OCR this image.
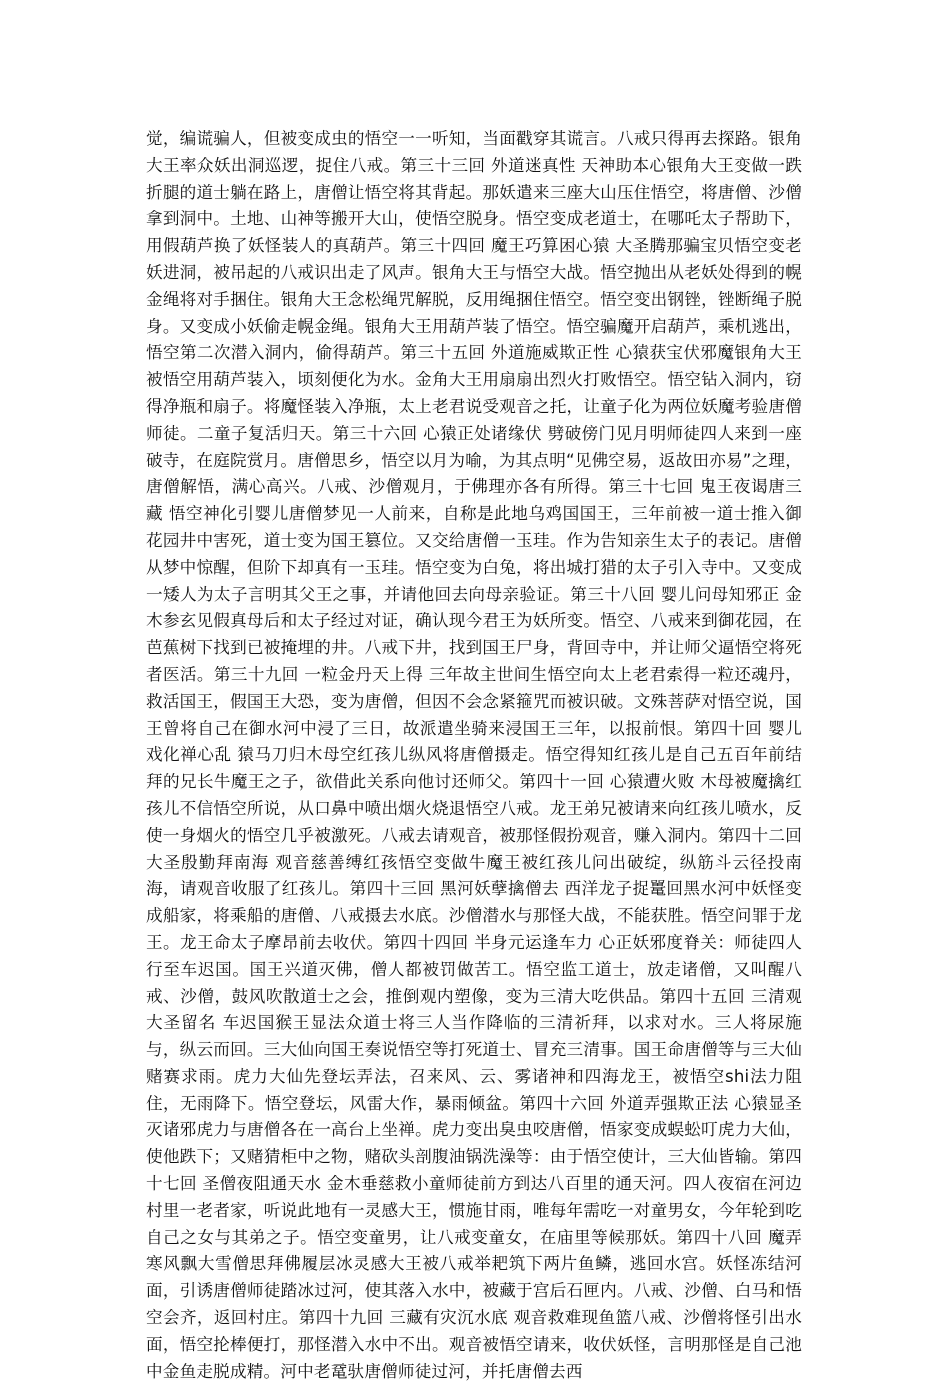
觉，编谎骗人，但被变成虫的悟空一一听知，当面戳穿其谎言。八戒只得再去探路。银角大王率众妖出洞巡逻，捉住八戒。第三十三回 外道迷真性 天神助本心银角大王变做一跌折腿的道士躺在路上，唐僧让悟空将其背起。那妖遣来三座大山压住悟空，将唐僧、沙僧拿到洞中。土地、山神等搬开大山，使悟空脱身。悟空变成老道士，在哪吒太子帮助下，用假葫芦换了妖怪装人的真葫芦。第三十四回 魔王巧算困心猿 大圣腾那骗宝贝悟空变老妖进洞，被吊起的八戒识出走了风声。银角大王与悟空大战。悟空抛出从老妖处得到的幌金绳将对手捆住。银角大王念松绳咒解脱，反用绳捆住悟空。悟空变出钢锉，锉断绳子脱身。又变成小妖偷走幌金绳。银角大王用葫芦装了悟空。悟空骗魔开启葫芦，乘机逃出，悟空第二次潜入洞内，偷得葫芦。第三十五回 外道施威欺正性 心猿获宝伏邪魔银角大王被悟空用葫芦装入，顷刻便化为水。金角大王用扇扇出烈火打败悟空。悟空钻入洞内，窃得净瓶和扇子。将魔怪装入净瓶，太上老君说受观音之托，让童子化为两位妖魔考验唐僧师徒。二童子复活归天。第三十六回 心猿正处诸缘伏 劈破傍门见月明师徒四人来到一座破寺，在庭院赏月。唐僧思乡，悟空以月为喻，为其点明“见佛空易，返故田亦易”之理，唐僧解悟，满心高兴。八戒、沙僧观月，于佛理亦各有所得。第三十七回 鬼王夜谒唐三藏 悟空神化引婴儿唐僧梦见一人前来，自称是此地乌鸡国国王，三年前被一道士推入御花园井中害死，道士变为国王篡位。又交给唐僧一玉珪。作为告知亲生太子的表记。唐僧从梦中惊醒，但阶下却真有一玉珪。悟空变为白兔，将出城打猎的太子引入寺中。又变成一矮人为太子言明其父王之事，并请他回去向母亲验证。第三十八回 婴儿问母知邪正 金木参玄见假真母后和太子经过对证，确认现今君王为妖所变。悟空、八戒来到御花园，在芭蕉树下找到已被掩埋的井。八戒下井，找到国王尸身，背回寺中，并让师父逼悟空将死者医活。第三十九回 一粒金丹天上得 三年故主世间生悟空向太上老君索得一粒还魂丹，救活国王，假国王大恐，变为唐僧，但因不会念紧箍咒而被识破。文殊菩萨对悟空说，国王曾将自己在御水河中浸了三日，故派遣坐骑来浸国王三年，以报前恨。第四十回 婴儿戏化禅心乱 猿马刀归木母空红孩儿纵风将唐僧摄走。悟空得知红孩儿是自己五百年前结拜的兄长牛魔王之子，欲借此关系向他讨还师父。第四十一回 心猿遭火败 木母被魔擒红孩儿不信悟空所说，从口鼻中喷出烟火烧退悟空八戒。龙王弟兄被请来向红孩儿喷水，反使一身烟火的悟空几乎被激死。八戒去请观音，被那怪假扮观音，赚入洞内。第四十二回 大圣殷勤拜南海 观音慈善缚红孩悟空变做牛魔王被红孩儿问出破绽，纵筋斗云径投南海，请观音收服了红孩儿。第四十三回 黑河妖孽擒僧去 西洋龙子捉鼍回黑水河中妖怪变成船家，将乘船的唐僧、八戒摄去水底。沙僧潜水与那怪大战，不能获胜。悟空问罪于龙王。龙王命太子摩昂前去收伏。第四十四回 半身元运逢车力 心正妖邪度脊关：师徒四人行至车迟国。国王兴道灭佛，僧人都被罚做苦工。悟空监工道士，放走诸僧，又叫醒八戒、沙僧，鼓风吹散道士之会，推倒观内塑像，变为三清大吃供品。第四十五回 三清观大圣留名 车迟国猴王显法众道士将三人当作降临的三清祈拜，以求对水。三人将尿施与，纵云而回。三大仙向国王奏说悟空等打死道士、冒充三清事。国王命唐僧等与三大仙赌赛求雨。虎力大仙先登坛弄法，召来风、云、雾诸神和四海龙王，被悟空shi法力阻住，无雨降下。悟空登坛，风雷大作，暴雨倾盆。第四十六回 外道弄强欺正法 心猿显圣灭诸邪虎力与唐僧各在一高台上坐禅。虎力变出臭虫咬唐僧，悟家变成蜈蚣叮虎力大仙，使他跌下；又赌猜柜中之物，赌砍头剖腹油锅洗澡等：由于悟空使计，三大仙皆输。第四十七回 圣僧夜阻通天水 金木垂慈救小童师徒前方到达八百里的通天河。四人夜宿在河边村里一老者家，听说此地有一灵感大王，惯施甘雨，唯每年需吃一对童男女，今年轮到吃自己之女与其弟之子。悟空变童男，让八戒变童女，在庙里等候那妖。第四十八回 魔弄寒风飘大雪僧思拜佛履层冰灵感大王被八戒举耙筑下两片鱼鳞，逃回水宫。妖怪冻结河面，引诱唐僧师徒踏冰过河，使其落入水中，被藏于宫后石匣内。八戒、沙僧、白马和悟空会齐，返回村庄。第四十九回 三藏有灾沉水底 观音救难现鱼篮八戒、沙僧将怪引出水面，悟空抡棒便打，那怪潜入水中不出。观音被悟空请来，收伏妖怪，言明那怪是自己池中金鱼走脱成精。河中老鼋驮唐僧师徒过河，并托唐僧去西
